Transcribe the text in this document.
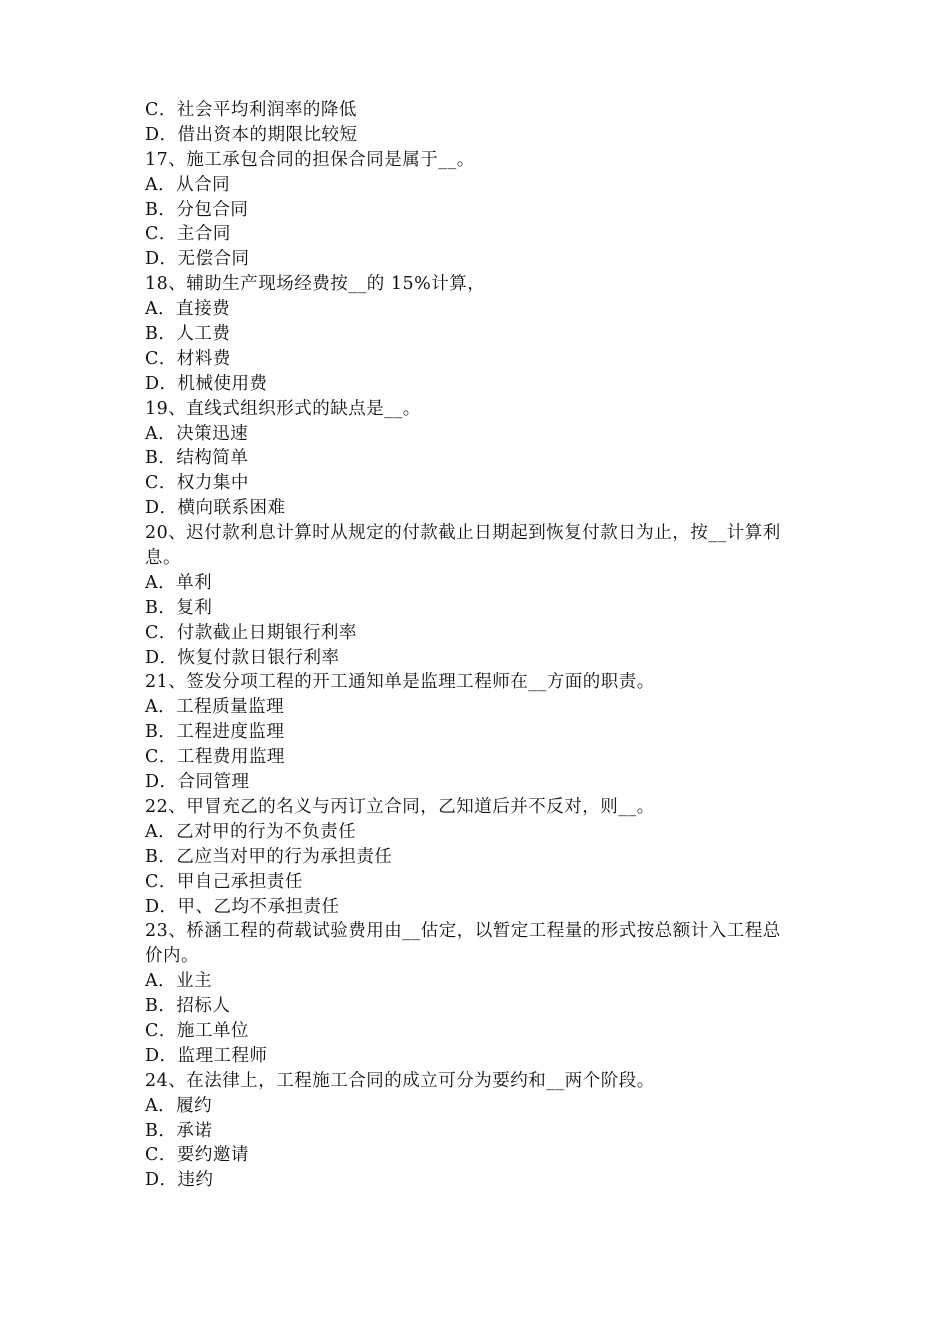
C．社会平均利润率的降低
D．借出资本的期限比较短
17、施工承包合同的担保合同是属于__。
A．从合同
B．分包合同
C．主合同
D．无偿合同
18、辅助生产现场经费按__的 15%计算，
A．直接费
B．人工费
C．材料费
D．机械使用费
19、直线式组织形式的缺点是__。
A．决策迅速
B．结构简单
C．权力集中
D．横向联系困难
20、迟付款利息计算时从规定的付款截止日期起到恢复付款日为止，按__计算利
息。
A．单利
B．复利
C．付款截止日期银行利率
D．恢复付款日银行利率
21、签发分项工程的开工通知单是监理工程师在__方面的职责。
A．工程质量监理
B．工程进度监理
C．工程费用监理
D．合同管理
22、甲冒充乙的名义与丙订立合同，乙知道后并不反对，则__。
A．乙对甲的行为不负责任
B．乙应当对甲的行为承担责任
C．甲自己承担责任
D．甲、乙均不承担责任
23、桥涵工程的荷载试验费用由__估定，以暂定工程量的形式按总额计入工程总
价内。
A．业主
B．招标人
C．施工单位
D．监理工程师
24、在法律上，工程施工合同的成立可分为要约和__两个阶段。
A．履约
B．承诺
C．要约邀请
D．违约
